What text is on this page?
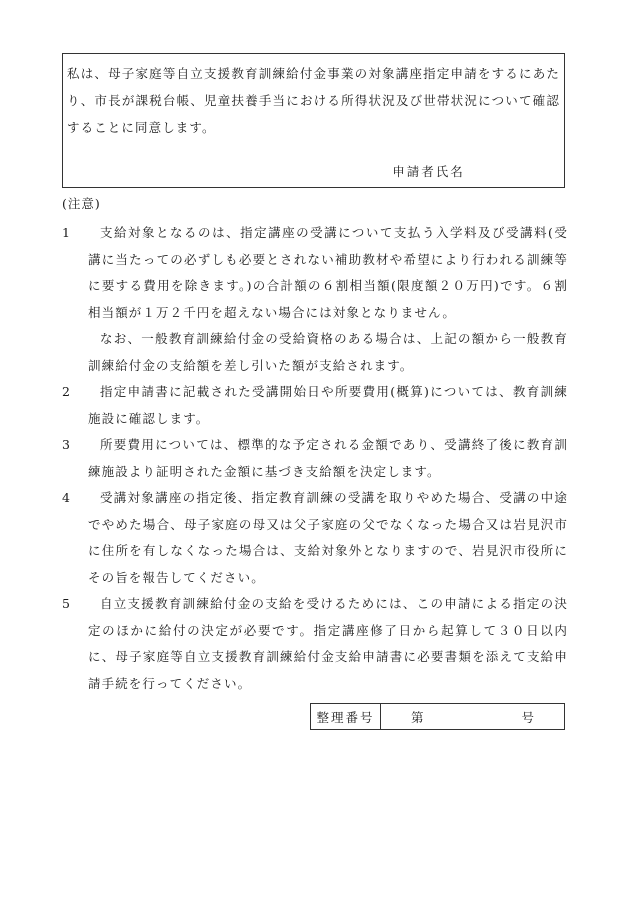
私は、母子家庭等自立支援教育訓練給付金事業の対象講座指定申請をするにあたり、市長が課税台帳、児童扶養手当における所得状況及び世帯状況について確認することに同意します。

申請者氏名

(注意)

1	支給対象となるのは、指定講座の受講について支払う入学料及び受講料(受講に当たっての必ずしも必要とされない補助教材や希望により行われる訓練等に要する費用を除きます。)の合計額の６割相当額(限度額２０万円)です。６割相当額が１万２千円を超えない場合には対象となりません。

なお、一般教育訓練給付金の受給資格のある場合は、上記の額から一般教育訓練給付金の支給額を差し引いた額が支給されます。

2	指定申請書に記載された受講開始日や所要費用(概算)については、教育訓練施設に確認します。

3	所要費用については、標準的な予定される金額であり、受講終了後に教育訓練施設より証明された金額に基づき支給額を決定します。

4	受講対象講座の指定後、指定教育訓練の受講を取りやめた場合、受講の中途でやめた場合、母子家庭の母又は父子家庭の父でなくなった場合又は岩見沢市に住所を有しなくなった場合は、支給対象外となりますので、岩見沢市役所にその旨を報告してください。

5	自立支援教育訓練給付金の支給を受けるためには、この申請による指定の決定のほかに給付の決定が必要です。指定講座修了日から起算して３０日以内に、母子家庭等自立支援教育訓練給付金支給申請書に必要書類を添えて支給申請手続を行ってください。

整理番号	第	号
